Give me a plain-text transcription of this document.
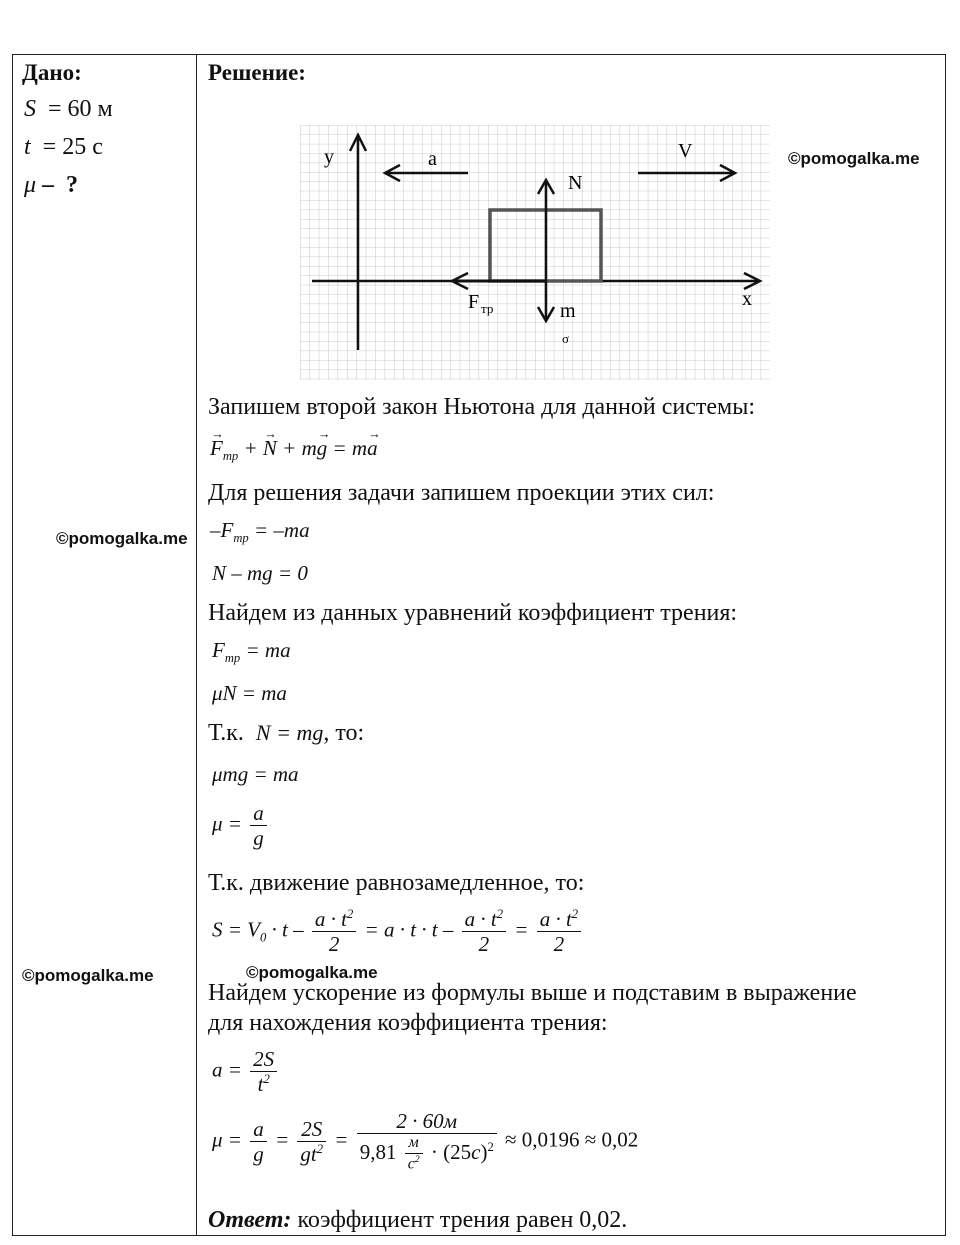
Дано:
S  = 60 м
t  = 25 с
μ –  ?
Решение:
y	a	V
N
F тр	m
σ
x
Запишем второй закон Ньютона для данной системы:
→ $F_{тр}$ + → N + m→ g = m→ a
Для решения задачи запишем проекции этих сил:
$-F_{тр} = -ma$
N – mg = 0
Найдем из данных уравнений коэффициент трения:
$F_{тр}$ = ma
μN = ma
Т.к. N = mg, то:
μmg = ma
$\mu = \frac{a}{g}$
Т.к. движение равнозамедленное, то:
$S = V_0 \cdot t - \frac{a \cdot t^2}{2} = a \cdot t \cdot t - \frac{a \cdot t^2}{2} = \frac{a \cdot t^2}{2}$
Найдем ускорение из формулы выше и подставим в выражение
для нахождения коэффициента трения:
$a = \frac{2S}{t^2}$
$\mu = \frac{a}{g} = \frac{2S}{gt^2} = \frac{2 \cdot 60м}{9,81 \frac{м}{с^2} \cdot (25с)^2} \approx 0,0196 \approx 0,02$
Ответ: коэффициент трения равен 0,02.
©pomogalka.me
©pomogalka.me
©pomogalka.me	©pomogalka.me
